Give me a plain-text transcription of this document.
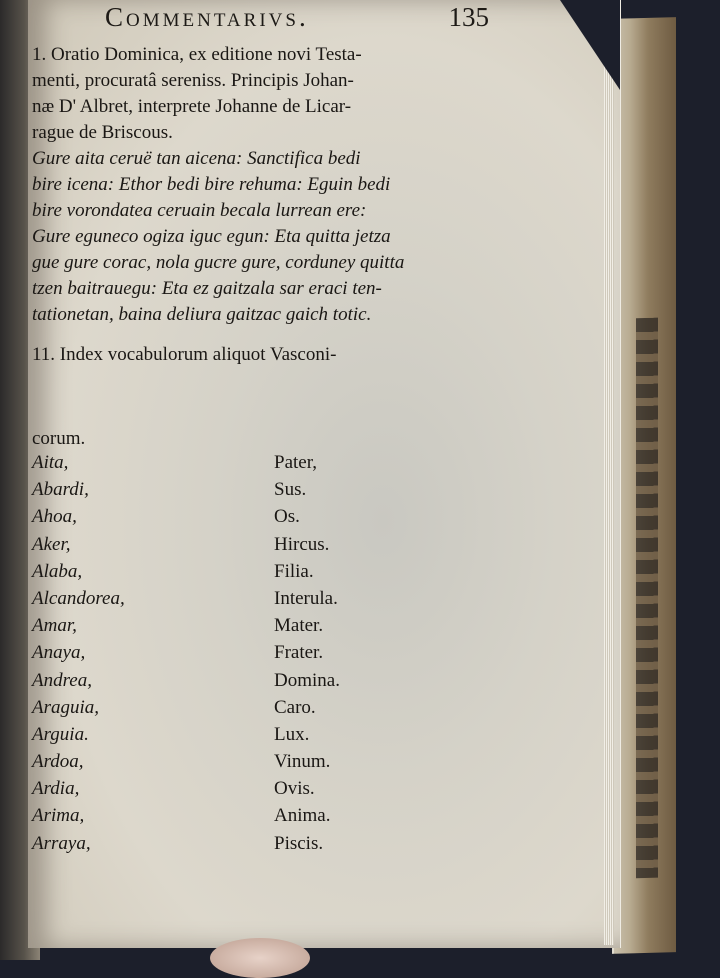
Commentarivs.	135
1. Oratio Dominica, ex editione novi Testa-
menti, procuratâ sereniss. Principis Johan-
næ D' Albret, interprete Johanne de Licar-
rague de Briscous.
Gure aita ceruë tan aicena: Sanctifica bedi
bire icena: Ethor bedi bire rehuma: Eguin bedi
bire vorondatea ceruain becala lurrean ere:
Gure eguneco ogiza iguc egun: Eta quitta jetza
gue gure corac, nola gucre gure, corduney quitta
tzen baitrauegu: Eta ez gaitzala sar eraci ten-
tationetan, baina deliura gaitzac gaich totic.
11. Index vocabulorum aliquot Vasconi-
corum.
Aita,	Pater,
Abardi,	Sus.
Ahoa,	Os.
Aker,	Hircus.
Alaba,	Filia.
Alcandorea,	Interula.
Amar,	Mater.
Anaya,	Frater.
Andrea,	Domina.
Araguia,	Caro.
Arguia.	Lux.
Ardoa,	Vinum.
Ardia,	Ovis.
Arima,	Anima.
Arraya,	Piscis.
